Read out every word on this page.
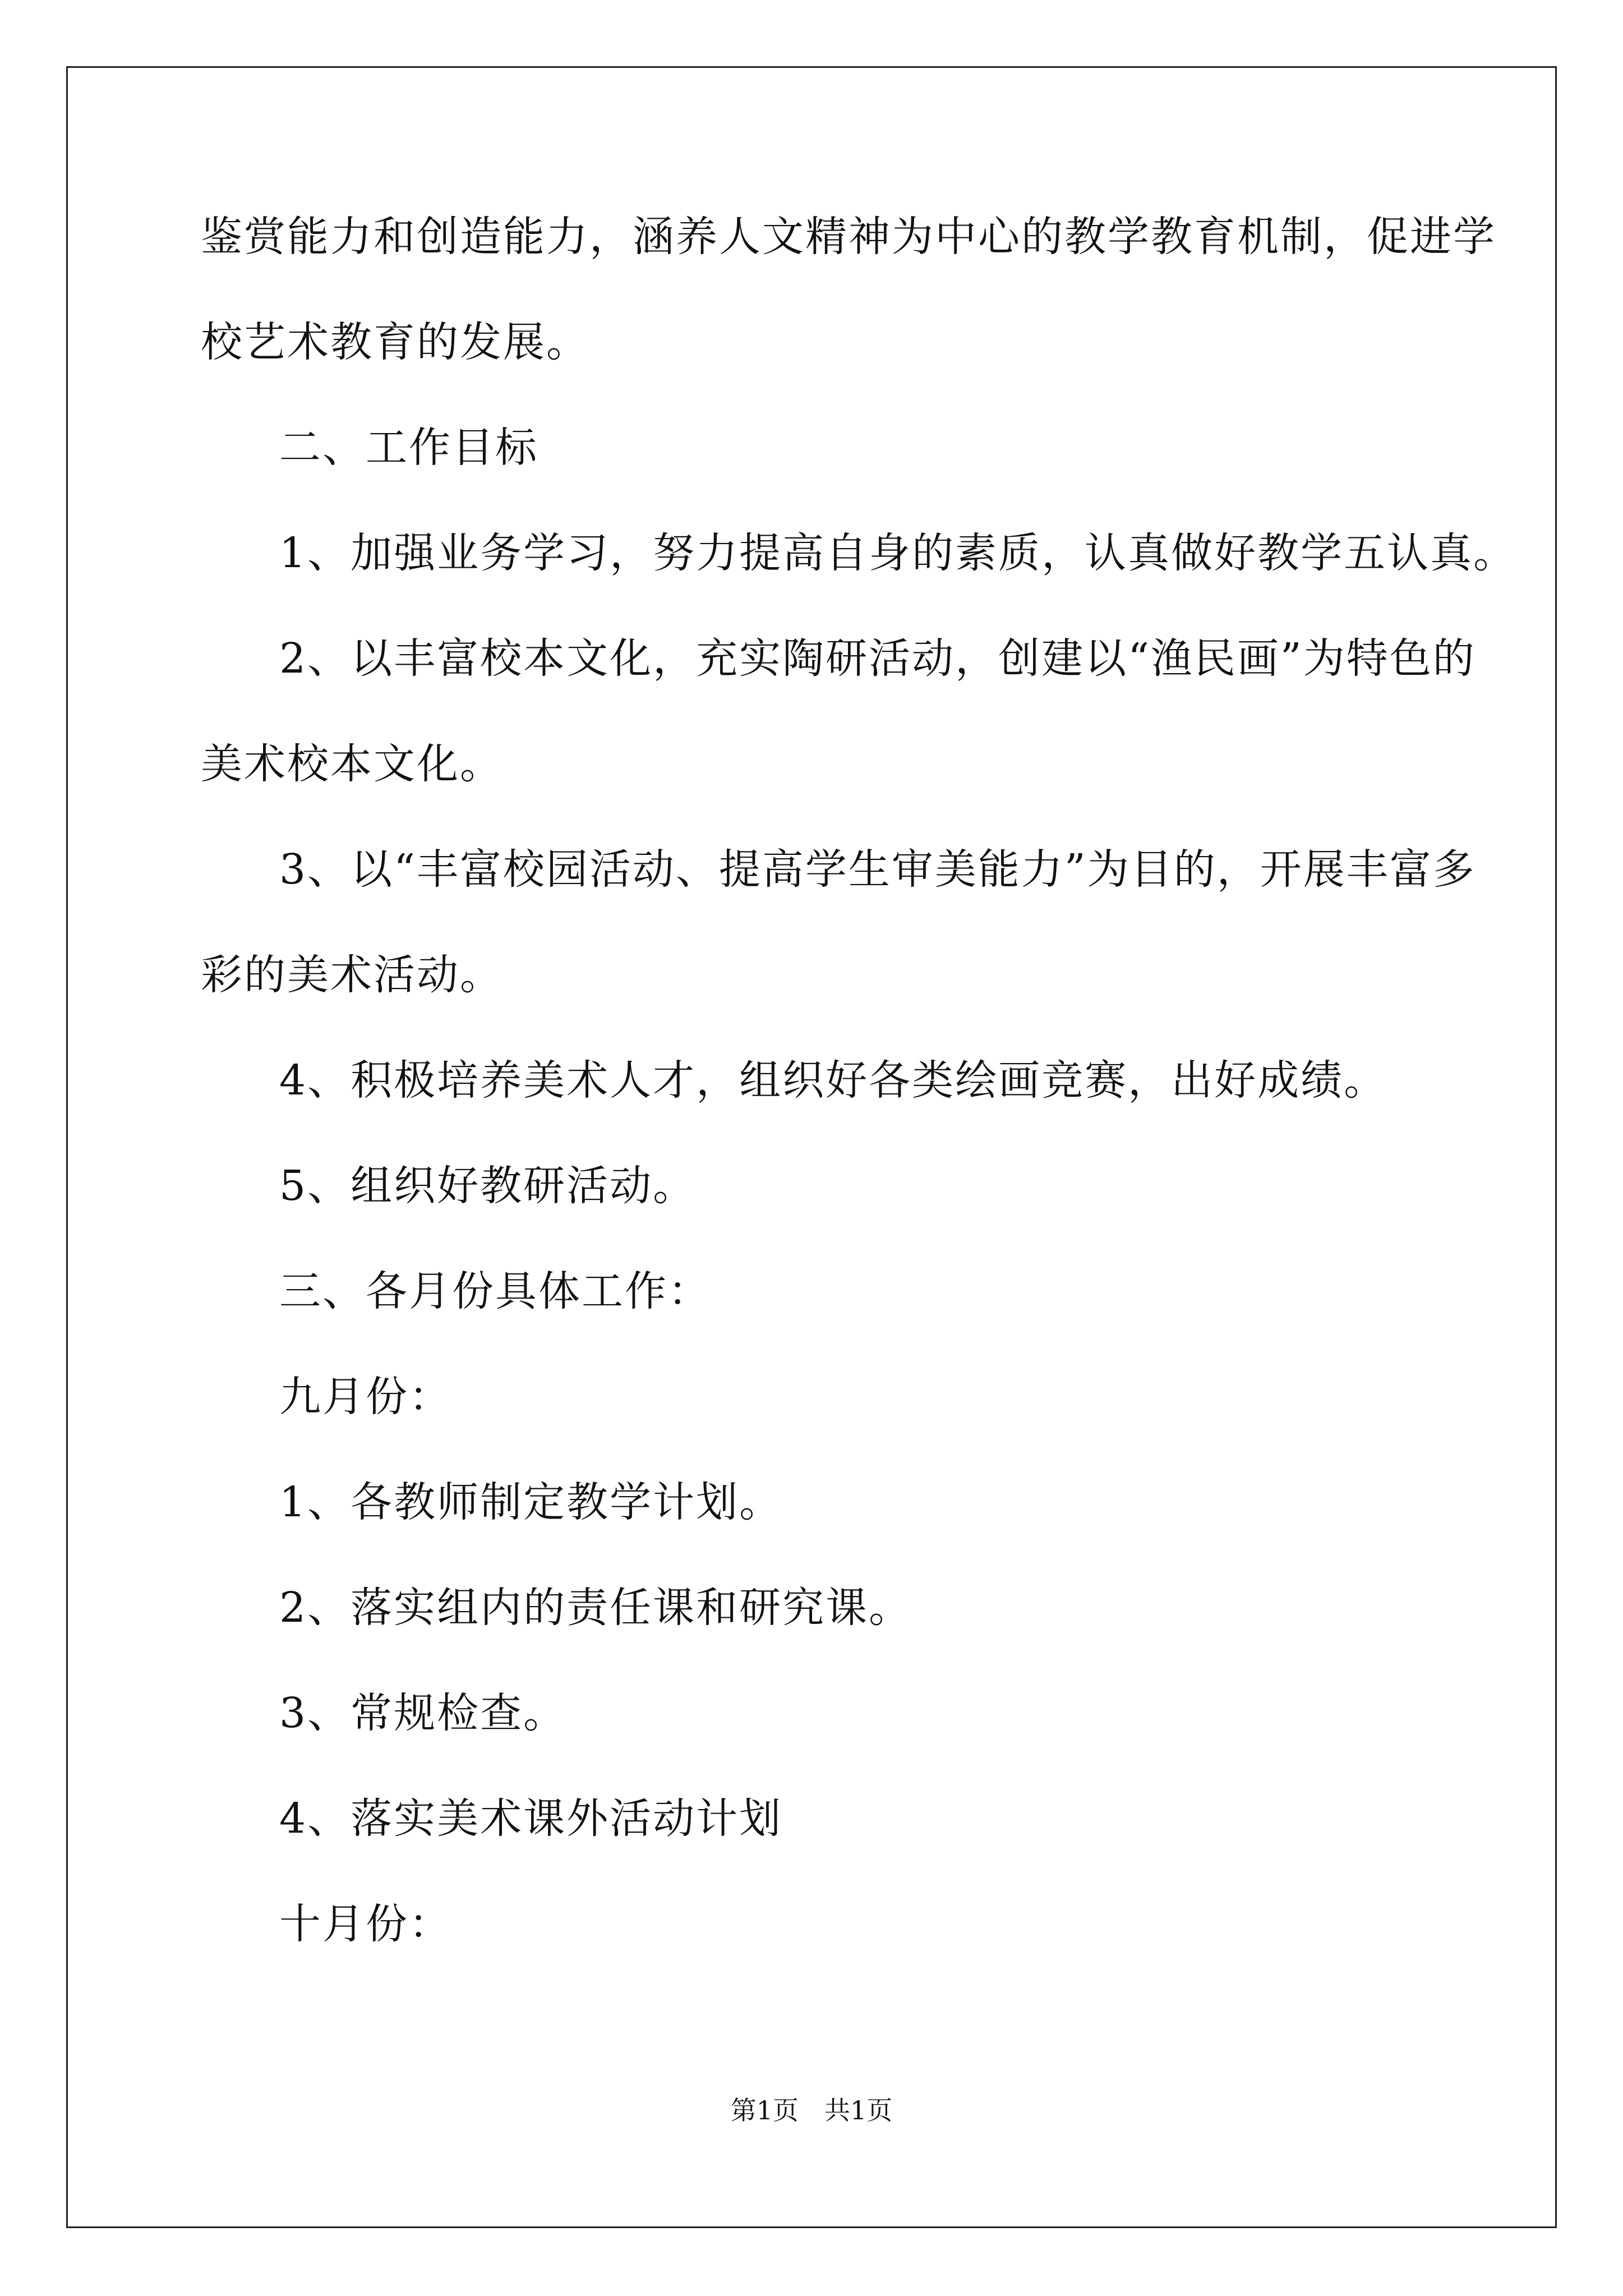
鉴赏能力和创造能力，涵养人文精神为中心的教学教育机制，促进学

校艺术教育的发展。

二、工作目标

1、加强业务学习，努力提高自身的素质，认真做好教学五认真。

2、以丰富校本文化，充实陶研活动，创建以“渔民画”为特色的

美术校本文化。

3、以“丰富校园活动、提高学生审美能力”为目的，开展丰富多

彩的美术活动。

4、积极培养美术人才，组织好各类绘画竞赛，出好成绩。

5、组织好教研活动。

三、各月份具体工作：

九月份：

1、各教师制定教学计划。

2、落实组内的责任课和研究课。

3、常规检查。

4、落实美术课外活动计划

十月份：

第1页　共1页
